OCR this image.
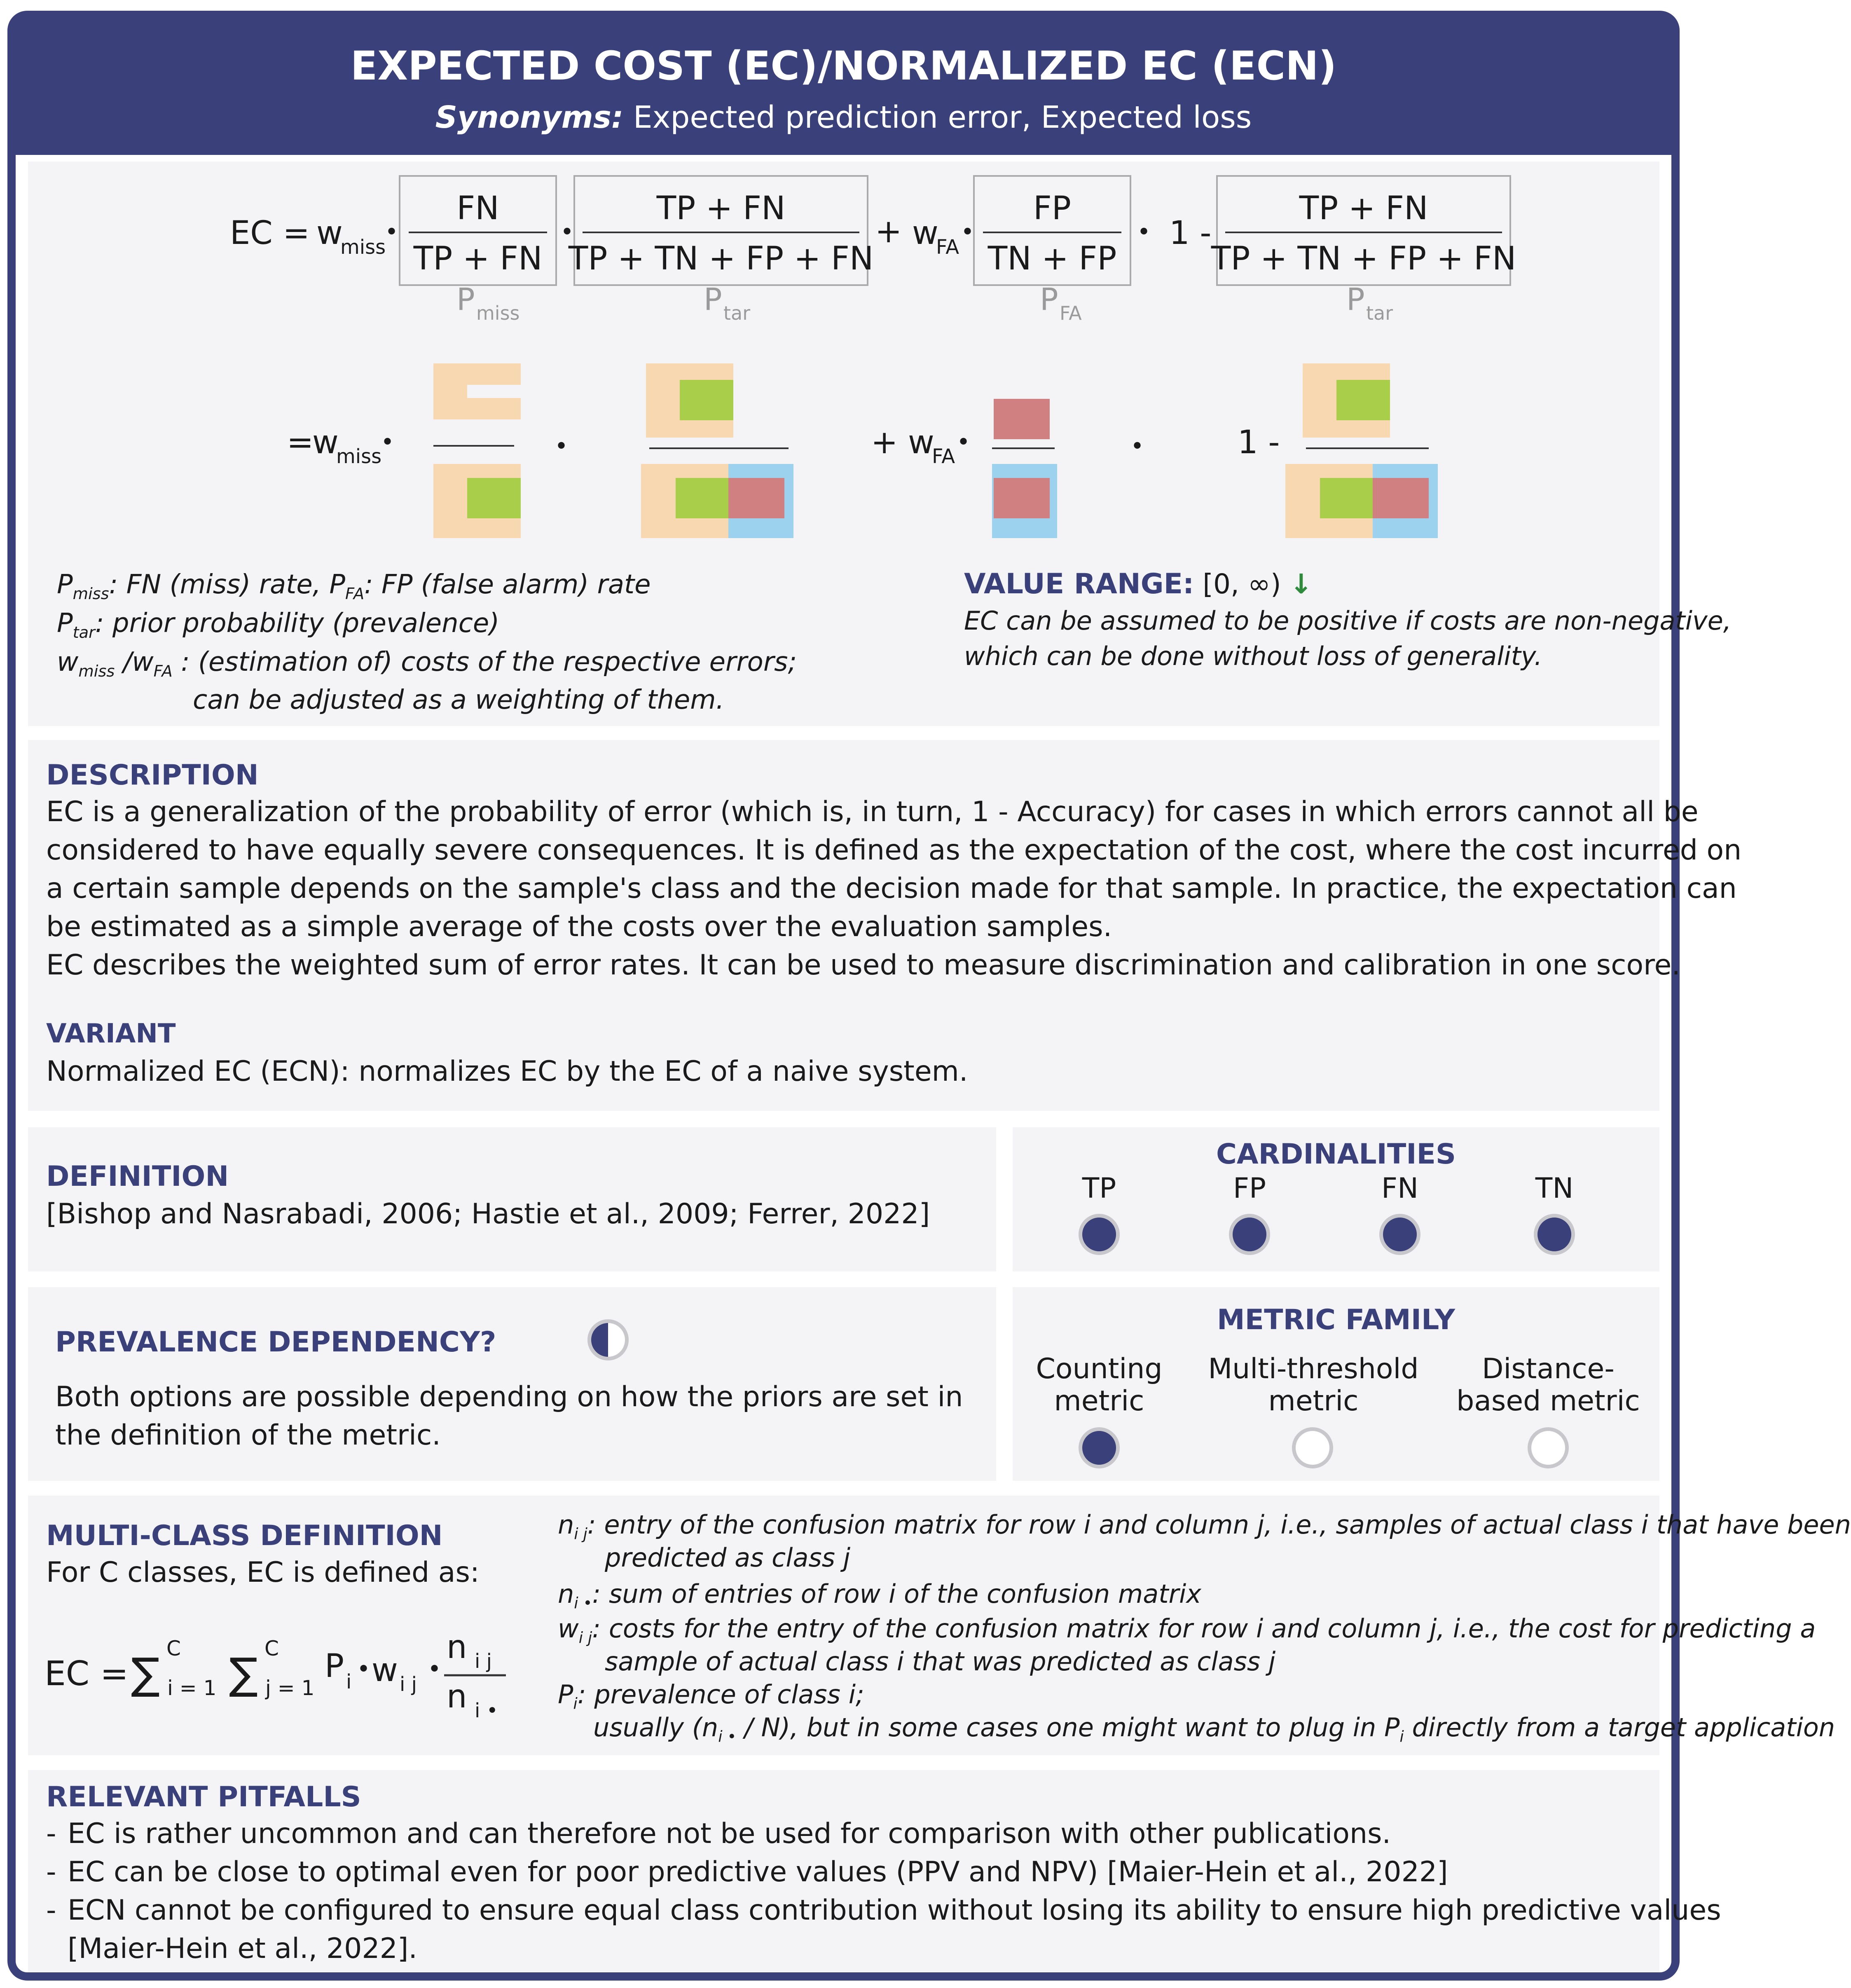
EXPECTED COST (EC)/NORMALIZED EC (ECN)
Synonyms: Expected prediction error, Expected loss
EC = w
miss
•
FN
TP + FN
•
TP + FN
TP + TN + FP + FN
+ w
FA
•
FP
TN + FP
• 1 -
TP + FN
TP + TN + FP + FN
P miss	P tar	P FA	P tar
=
w
miss
•	•	+ w
FA
•	•	1 -
$P_{miss}$: FN (miss) rate, $P_{FA}$: FP (false alarm) rate
$P_{tar}$: prior probability (prevalence)
$w_{miss}$ $/w_{FA}$ : (estimation of) costs of the respective errors;
can be adjusted as a weighting of them.
VALUE RANGE: [0, ∞) ↓
EC can be assumed to be positive if costs are non-negative,
which can be done without loss of generality.
DESCRIPTION
EC is a generalization of the probability of error (which is, in turn, 1 - Accuracy) for cases in which errors cannot all be
considered to have equally severe consequences. It is defined as the expectation of the cost, where the cost incurred on
a certain sample depends on the sample's class and the decision made for that sample. In practice, the expectation can
be estimated as a simple average of the costs over the evaluation samples.
EC describes the weighted sum of error rates. It can be used to measure discrimination and calibration in one score.
VARIANT
Normalized EC (ECN): normalizes EC by the EC of a naive system.
DEFINITION
[Bishop and Nasrabadi, 2006; Hastie et al., 2009; Ferrer, 2022]
CARDINALITIES
TP	FP	FN	TN
PREVALENCE DEPENDENCY?
Both options are possible depending on how the priors are set in
the definition of the metric.
METRIC FAMILY
Counting
metric
Multi-threshold
metric
Distance-
based metric
MULTI-CLASS DEFINITION
For C classes, EC is defined as:
EC = ∑ C
i = 1 ∑ C
j = 1
P i • w i j
•
n i j
n i •
$n_{i j}$: entry of the confusion matrix for row i and column j, i.e., samples of actual class i that have been
predicted as class j
$n_{i •}$: sum of entries of row i of the confusion matrix
$w_{i j}$: costs for the entry of the confusion matrix for row i and column j, i.e., the cost for predicting a
sample of actual class i that was predicted as class j
$P_i$: prevalence of class i;
usually $(n_{i •} / N)$, but in some cases one might want to plug in $P_i$ directly from a target application
RELEVANT PITFALLS
- EC is rather uncommon and can therefore not be used for comparison with other publications.
- EC can be close to optimal even for poor predictive values (PPV and NPV) [Maier-Hein et al., 2022]
- ECN cannot be configured to ensure equal class contribution without losing its ability to ensure high predictive values
[Maier-Hein et al., 2022].
